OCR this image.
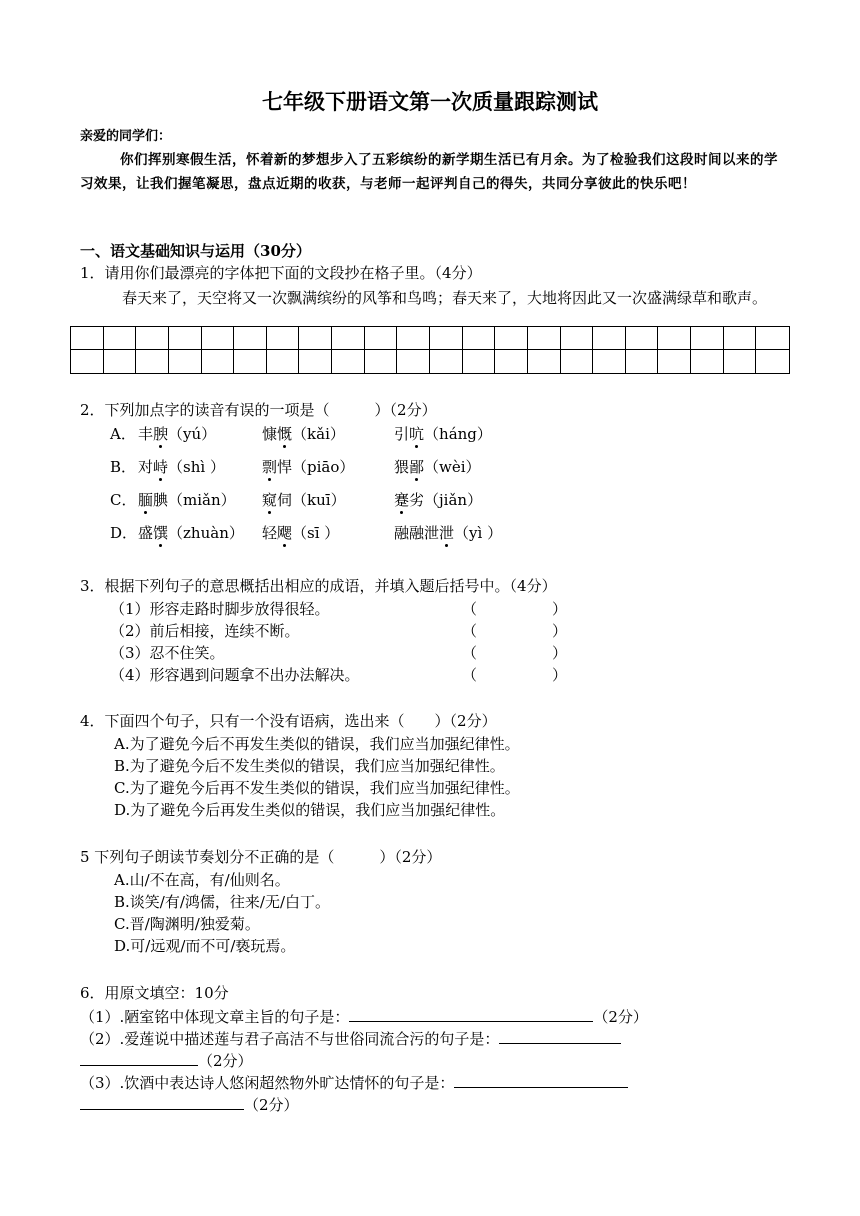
七年级下册语文第一次质量跟踪测试
亲爱的同学们：
你们挥别寒假生活，怀着新的梦想步入了五彩缤纷的新学期生活已有月余。为了检验我们这段时间以来的学习效果，让我们握笔凝思，盘点近期的收获，与老师一起评判自己的得失，共同分享彼此的快乐吧！
一、语文基础知识与运用（30分）
1．请用你们最漂亮的字体把下面的文段抄在格子里。（4分）
春天来了，天空将又一次飘满缤纷的风筝和鸟鸣；春天来了，大地将因此又一次盛满绿草和歌声。
2．下列加点字的读音有误的一项是（　　　）（2分）
A． 丰腴（yú）	慷慨（kǎi）	引吭（háng）
B． 对峙（shì ） 剽悍（piāo）	猥鄙（wèi）
C． 腼腆（miǎn） 窥伺（kuī）	蹇劣（jiǎn）
D． 盛馔（zhuàn） 轻飔（sī ）	融融泄泄（yì ）
3．根据下列句子的意思概括出相应的成语，并填入题后括号中。（4分）
（1）形容走路时脚步放得很轻。	（　　　　　）
（2）前后相接，连续不断。	（　　　　　）
（3）忍不住笑。	（　　　　　）
（4）形容遇到问题拿不出办法解决。	（　　　　　）
4．下面四个句子，只有一个没有语病，选出来（　　）（2分）
A.为了避免今后不再发生类似的错误，我们应当加强纪律性。
B.为了避免今后不发生类似的错误，我们应当加强纪律性。
C.为了避免今后再不发生类似的错误，我们应当加强纪律性。
D.为了避免今后再发生类似的错误，我们应当加强纪律性。
5 下列句子朗读节奏划分不正确的是（　　　）（2分）
A.山/不在高，有/仙则名。
B.谈笑/有/鸿儒，往来/无/白丁。
C.晋/陶渊明/独爱菊。
D.可/远观/而不可/亵玩焉。
6．用原文填空：10分
（1）.陋室铭中体现文章主旨的句子是：	（2分）
（2）.爱莲说中描述莲与君子高洁不与世俗同流合污的句子是：
（2分）
（3）.饮酒中表达诗人悠闲超然物外旷达情怀的句子是：
（2分）
